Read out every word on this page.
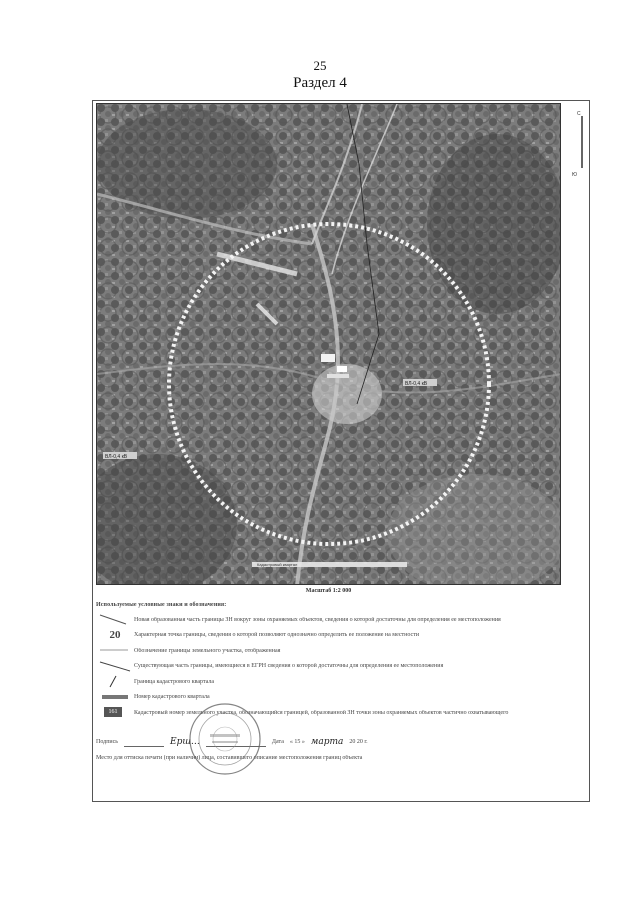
25
Раздел 4
ВЛ-0,4 кВ
ВЛ-0,4 кВ
Кадастровый квартал
С
Ю
Масштаб 1:2 000
Используемые условные знаки и обозначения:
Новая образованная часть границы ЗН вокруг зоны охраняемых объектов, сведения о которой достаточны для определения ее местоположения
20	Характерная точка границы, сведения о которой позволяют однозначно определить ее положение на местности
Обозначение границы земельного участка, отображенная
Существующая часть границы, имеющиеся в ЕГРН сведения о которой достаточны для определения ее местоположения
Граница кадастрового квартала
Номер кадастрового квартала
161	Кадастровый номер земельного участка, обозначающийся границей, образованной ЗН точки зоны охраняемых объектов частично охватывающего
Подпись	Ерш…	Дата « 15 » марта 20 20 г.
Место для оттиска печати (при наличии) лица, составившего описание местоположения границ объекта
